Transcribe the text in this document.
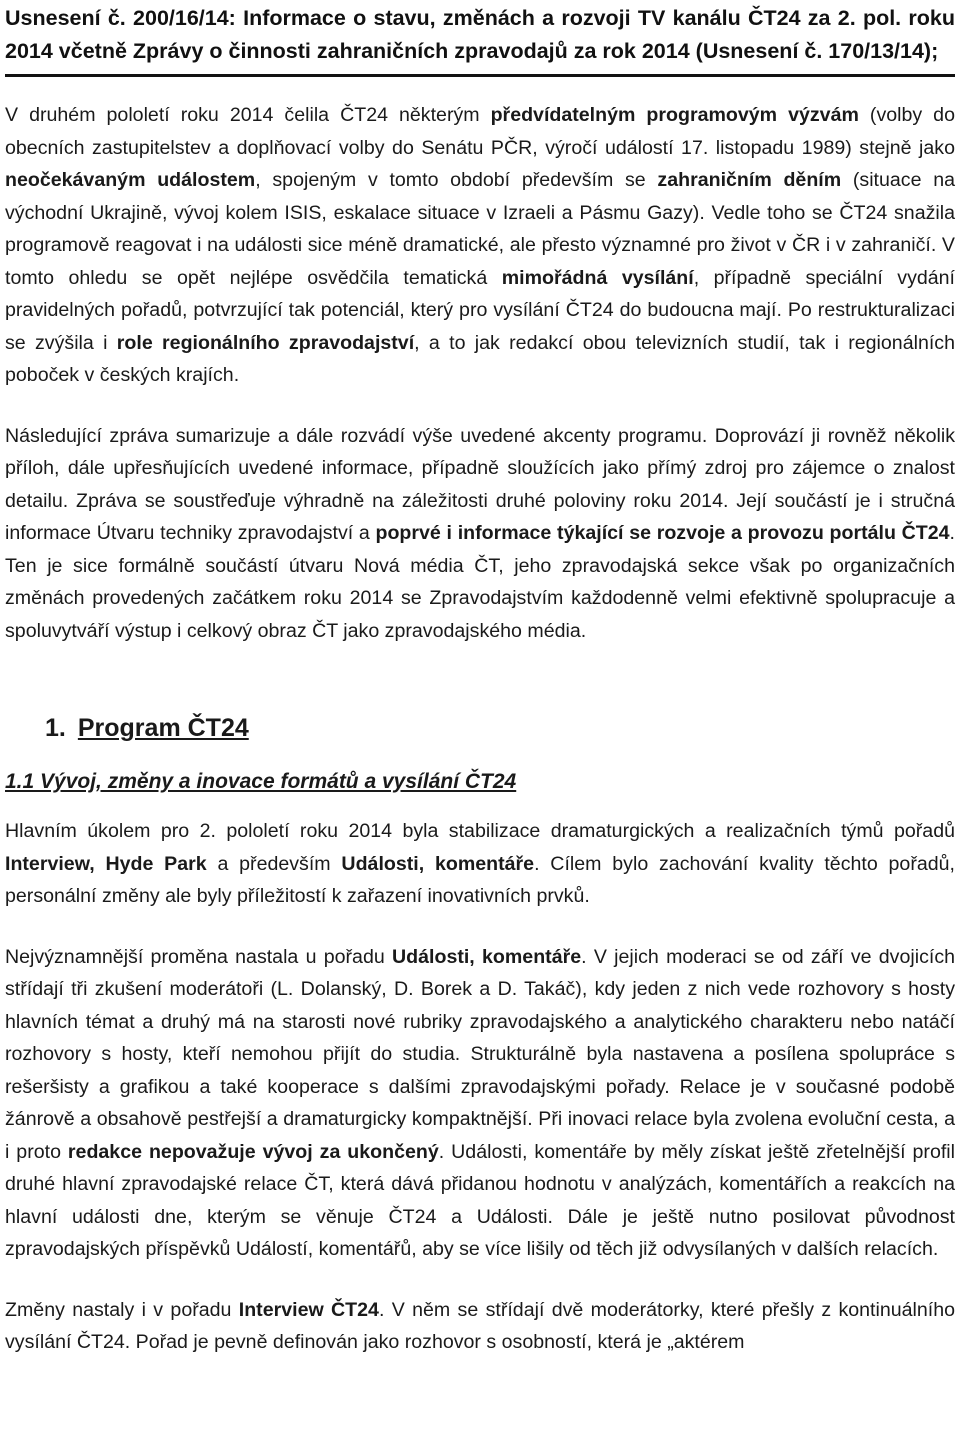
Usnesení č. 200/16/14: Informace o stavu, změnách a rozvoji TV kanálu ČT24 za 2. pol. roku 2014 včetně Zprávy o činnosti zahraničních zpravodajů za rok 2014 (Usnesení č. 170/13/14);
V druhém pololetí roku 2014 čelila ČT24 některým předvídatelným programovým výzvám (volby do obecních zastupitelstev a doplňovací volby do Senátu PČR, výročí událostí 17. listopadu 1989) stejně jako neočekávaným událostem, spojeným v tomto období především se zahraničním děním (situace na východní Ukrajině, vývoj kolem ISIS, eskalace situace v Izraeli a Pásmu Gazy). Vedle toho se ČT24 snažila programově reagovat i na události sice méně dramatické, ale přesto významné pro život v ČR i v zahraničí. V tomto ohledu se opět nejlépe osvědčila tematická mimořádná vysílání, případně speciální vydání pravidelných pořadů, potvrzující tak potenciál, který pro vysílání ČT24 do budoucna mají. Po restrukturalizaci se zvýšila i role regionálního zpravodajství, a to jak redakcí obou televizních studií, tak i regionálních poboček v českých krajích.
Následující zpráva sumarizuje a dále rozvádí výše uvedené akcenty programu. Doprovází ji rovněž několik příloh, dále upřesňujících uvedené informace, případně sloužících jako přímý zdroj pro zájemce o znalost detailu. Zpráva se soustřeďuje výhradně na záležitosti druhé poloviny roku 2014. Její součástí je i stručná informace Útvaru techniky zpravodajství a poprvé i informace týkající se rozvoje a provozu portálu ČT24. Ten je sice formálně součástí útvaru Nová média ČT, jeho zpravodajská sekce však po organizačních změnách provedených začátkem roku 2014 se Zpravodajstvím každodenně velmi efektivně spolupracuje a spoluvytváří výstup i celkový obraz ČT jako zpravodajského média.
1. Program ČT24
1.1 Vývoj, změny a inovace formátů a vysílání ČT24
Hlavním úkolem pro 2. pololetí roku 2014 byla stabilizace dramaturgických a realizačních týmů pořadů Interview, Hyde Park a především Události, komentáře. Cílem bylo zachování kvality těchto pořadů, personální změny ale byly příležitostí k zařazení inovativních prvků.
Nejvýznamnější proměna nastala u pořadu Události, komentáře. V jejich moderaci se od září ve dvojicích střídají tři zkušení moderátoři (L. Dolanský, D. Borek a D. Takáč), kdy jeden z nich vede rozhovory s hosty hlavních témat a druhý má na starosti nové rubriky zpravodajského a analytického charakteru nebo natáčí rozhovory s hosty, kteří nemohou přijít do studia. Strukturálně byla nastavena a posílena spolupráce s rešeršisty a grafikou a také kooperace s dalšími zpravodajskými pořady. Relace je v současné podobě žánrově a obsahově pestřejší a dramaturgicky kompaktnější. Při inovaci relace byla zvolena evoluční cesta, a i proto redakce nepovažuje vývoj za ukončený. Události, komentáře by měly získat ještě zřetelnější profil druhé hlavní zpravodajské relace ČT, která dává přidanou hodnotu v analýzách, komentářích a reakcích na hlavní události dne, kterým se věnuje ČT24 a Události. Dále je ještě nutno posilovat původnost zpravodajských příspěvků Událostí, komentářů, aby se více lišily od těch již odvysílaných v dalších relacích.
Změny nastaly i v pořadu Interview ČT24. V něm se střídají dvě moderátorky, které přešly z kontinuálního vysílání ČT24. Pořad je pevně definován jako rozhovor s osobností, která je „aktérem
